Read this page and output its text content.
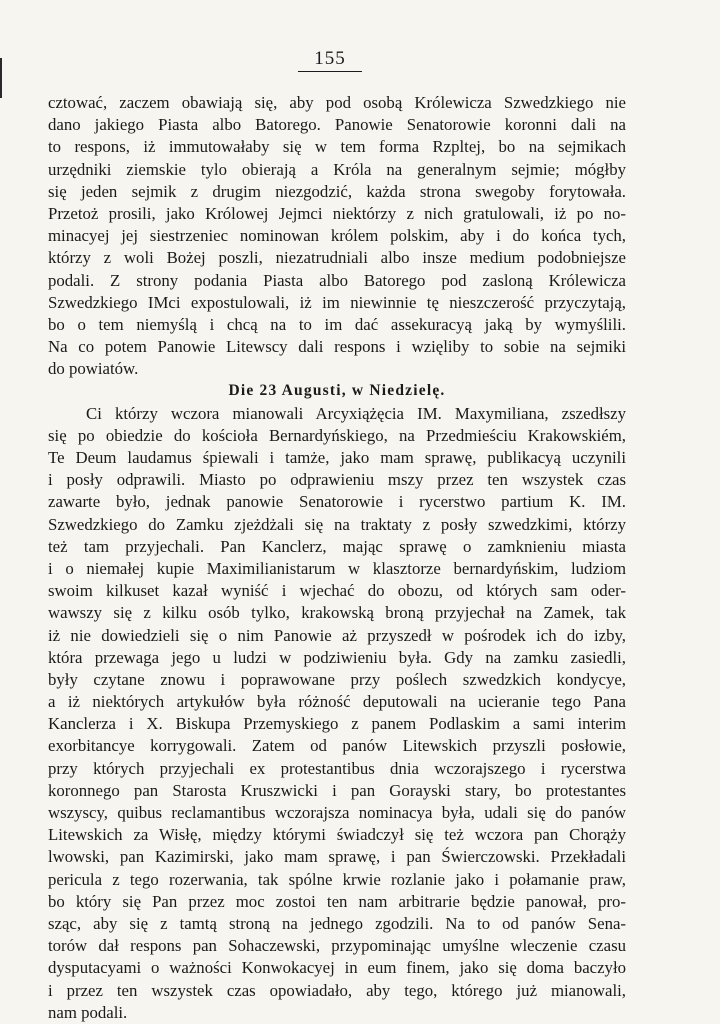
155
cztować, zaczem obawiają się, aby pod osobą Królewicza Szwedzkiego nie
dano jakiego Piasta albo Batorego. Panowie Senatorowie koronni dali na
to respons, iż immutowałaby się w tem forma Rzpltej, bo na sejmikach
urzędniki ziemskie tylo obierają a Króla na generalnym sejmie; mógłby
się jeden sejmik z drugim niezgodzić, każda strona swegoby forytowała.
Przetoż prosili, jako Królowej Jejmci niektórzy z nich gratulowali, iż po no-
minacyej jej siestrzeniec nominowan królem polskim, aby i do końca tych,
którzy z woli Bożej poszli, niezatrudniali albo insze medium podobniejsze
podali. Z strony podania Piasta albo Batorego pod zasloną Królewicza
Szwedzkiego IMci expostulowali, iż im niewinnie tę nieszczerość przyczytają,
bo o tem niemyślą i chcą na to im dać assekuracyą jaką by wymyślili.
Na co potem Panowie Litewscy dali respons i wzięliby to sobie na sejmiki
do powiatów.
Die 23 Augusti, w Niedzielę.
Ci którzy wczora mianowali Arcyxiążęcia IM. Maxymiliana, zszedłszy
się po obiedzie do kościoła Bernardyńskiego, na Przedmieściu Krakowskiém,
Te Deum laudamus śpiewali i tamże, jako mam sprawę, publikacyą uczynili
i posły odprawili. Miasto po odprawieniu mszy przez ten wszystek czas
zawarte było, jednak panowie Senatorowie i rycerstwo partium K. IM.
Szwedzkiego do Zamku zjeżdżali się na traktaty z posły szwedzkimi, którzy
też tam przyjechali. Pan Kanclerz, mając sprawę o zamknieniu miasta
i o niemałej kupie Maximilianistarum w klasztorze bernardyńskim, ludziom
swoim kilkuset kazał wyniść i wjechać do obozu, od których sam oder-
wawszy się z kilku osób tylko, krakowską broną przyjechał na Zamek, tak
iż nie dowiedzieli się o nim Panowie aż przyszedł w pośrodek ich do izby,
która przewaga jego u ludzi w podziwieniu była. Gdy na zamku zasiedli,
były czytane znowu i poprawowane przy poślech szwedzkich kondycye,
a iż niektórych artykułów była różność deputowali na ucieranie tego Pana
Kanclerza i X. Biskupa Przemyskiego z panem Podlaskim a sami interim
exorbitancye korrygowali. Zatem od panów Litewskich przyszli posłowie,
przy których przyjechali ex protestantibus dnia wczorajszego i rycerstwa
koronnego pan Starosta Kruszwicki i pan Gorayski stary, bo protestantes
wszyscy, quibus reclamantibus wczorajsza nominacya była, udali się do panów
Litewskich za Wisłę, między którymi świadczył się też wczora pan Chorąży
lwowski, pan Kazimirski, jako mam sprawę, i pan Świerczowski. Przekładali
pericula z tego rozerwania, tak spólne krwie rozlanie jako i połamanie praw,
bo który się Pan przez moc zostoi ten nam arbitrarie będzie panował, pro-
sząc, aby się z tamtą stroną na jednego zgodzili. Na to od panów Sena-
torów dał respons pan Sohaczewski, przypominając umyślne wleczenie czasu
dysputacyami o ważności Konwokacyej in eum finem, jako się doma baczyło
i przez ten wszystek czas opowiadało, aby tego, którego już mianowali,
nam podali.
